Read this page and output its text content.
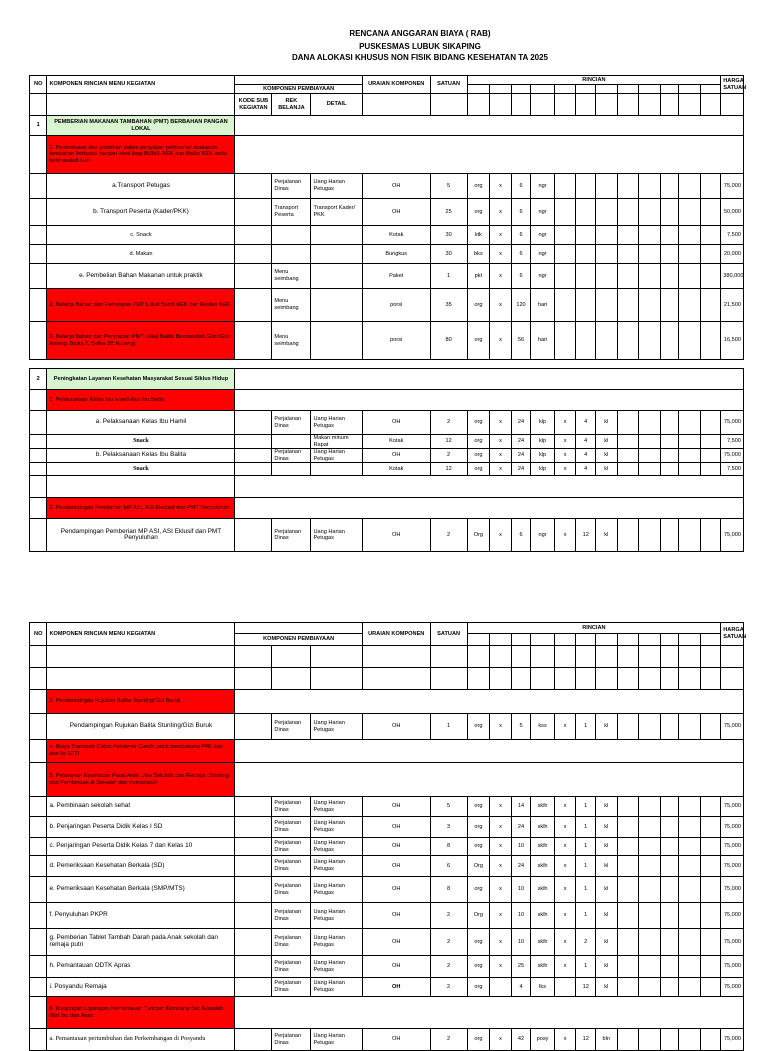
RENCANA ANGGARAN BIAYA ( RAB)
PUSKESMAS LUBUK SIKAPING
DANA ALOKASI KHUSUS NON FISIK BIDANG KESEHATAN TA 2025
NO	KOMPONEN RINCIAN MENU KEGIATAN				URAIAN KOMPONEN	SATUAN	RINCIAN												HARGA SATUAN
		KOMPONEN PEMBIAYAAN																	
		KODE SUB KEGIATAN	REK BELANJA	DETAIL															
1	PEMBERIAN MAKANAN TAMBAHAN (PMT) BERBAHAN PANGAN LOKAL																		
	1. Pembekalan dan pelatihan dalam penyajian pemberian makanan tambahan berbasis pangan lokal bagi BUMIL KEK dan Balita KEK serta bermasalah Gizi																		
	a.Transport Petugas		Perjalanan Dinas	Uang Harian Petugas	OH	5	org	x	6	ngr									75,000
	b. Transport Peserta (Kader/PKK)		Transport Peserta	Transport Kader/ PKK	OH	25	org	x	6	ngr									50,000
	c. Snack				Kotak	30	ktk	x	6	ngr									7,500
	d. Makan				Bungkus	30	bks	x	6	ngr									20,000
	e. Pembelian Bahan Makanan untuk praktik		Menu seimbang		Paket	1	pkt	x	6	ngr									380,000
	2. Belanja Bahan dan Penyiapan PMT Lokal Bumil KEK dan Resiko KEK		Menu seimbang		porsi	35	org	x	120	hari									21,500
	3. Belanja bahan dan Penyiapan PMT Lokal Balita Bermasalah Gizi (Gizi kurang, Balita T, Balita BB Kurang)		Menu seimbang		porsi	80	org	x	56	hari									16,500

2	Peningkatan Layanan Kesehatan Masyarakat Sesuai Siklus Hidup																		
	1. Pelaksanaan Kelas Ibu Hamil dan Ibu Balita																		
	a. Pelaksanaan Kelas Ibu Hamil		Perjalanan Dinas	Uang Harian Petugas	OH	2	org	x	24	klp	x	4	kl						75,000
	Snack			Makan minum Rapat	Kotak	12	org	x	24	klp	x	4	kl						7,500
	b. Pelaksanaan Kelas Ibu Balita		Perjalanan Dinas	Uang Harian Petugas	OH	2	org	x	24	klp	x	4	kl						75,000
	Snack				Kotak	12	org	x	24	klp	x	4	kl						7,500

	2. Pendampingan Pemberian MP ASI, ASI Ekslusif dan PMT Penyuluhan																		
	Pendampingan Pemberian MP ASI, ASI Eklusif dan PMT Penyuluhan		Perjalanan Dinas	Uang Harian Petugas	OH	2	Org	x	6	ngr	x	12	kl						75,000
NO	KOMPONEN RINCIAN MENU KEGIATAN				URAIAN KOMPONEN	SATUAN	RINCIAN												HARGA SATUAN
		KOMPONEN PEMBIAYAAN																	

	3. Pendampingan Rujukan Balita Stunting/Gizi Buruk																		
	Pendampingan Rujukan Balita Stunting/Gizi Buruk		Perjalanan Dinas	Uang Harian Petugas	OH	1	org	x	5	kss	x	1	kl						75,000
	4. Biaya Transport Calon Pendonor Darah untuk mendukung P4K dari dan ke UTD																		
	5. Pelayanan Kesehatan Pada Anak Usia Sekolah dan Remaja (Skrining dan Pembinaan di Sekolah dan Komunitas)																		
	a. Pembinaan sekolah sehat		Perjalanan Dinas	Uang Harian Petugas	OH	5	org	x	14	sklh	x	1	kl						75,000
	b. Penjaringan Peserta Didik Kelas I SD		Perjalanan Dinas	Uang Harian Petugas	OH	3	org	x	24	sklh	x	1	kl						75,000
	c. Penjaringan Peserta Didik Kelas 7 dan Kelas 10		Perjalanan Dinas	Uang Harian Petugas	OH	8	org	x	10	sklh	x	1	kl						75,000
	d. Pemeriksaan Kesehatan Berkala (SD)		Perjalanan Dinas	Uang Harian Petugas	OH	6	Org	x	24	sklh	x	1	kl						75,000
	e. Pemeriksaan Kesehatan Berkala (SMP/MTS)		Perjalanan Dinas	Uang Harian Petugas	OH	8	org	x	10	sklh	x	1	kl						75,000
	f. Penyuluhan PKPR		Perjalanan Dinas	Uang Harian Petugas	OH	2	Org	x	10	sklh	x	1	kl						75,000
	g. Pemberian Tablet Tambah Darah pada Anak sekolah dan remaja putri		Perjalanan Dinas	Uang Harian Petugas	OH	2	org	x	10	sklh	x	2	kl						75,000
	h. Pemantauan ODTK Apras		Perjalanan Dinas	Uang Harian Petugas	OH	2	org	x	25	sklh	x	1	kl						75,000
	i. Posyandu Remaja		Perjalanan Dinas	Uang Harian Petugas	OH	2	org		4	lks		12	kl						75,000
	6. Kunjungan Lapangan Pemantauan Tumbuh Kembang dan Masalah Gizi Ibu dan Anak																		
	a. Pemantauan pertumbuhan dan Perkembangan di Posyandu		Perjalanan Dinas	Uang Harian Petugas	OH	2	org	x	42	posy	x	12	bln						75,000
